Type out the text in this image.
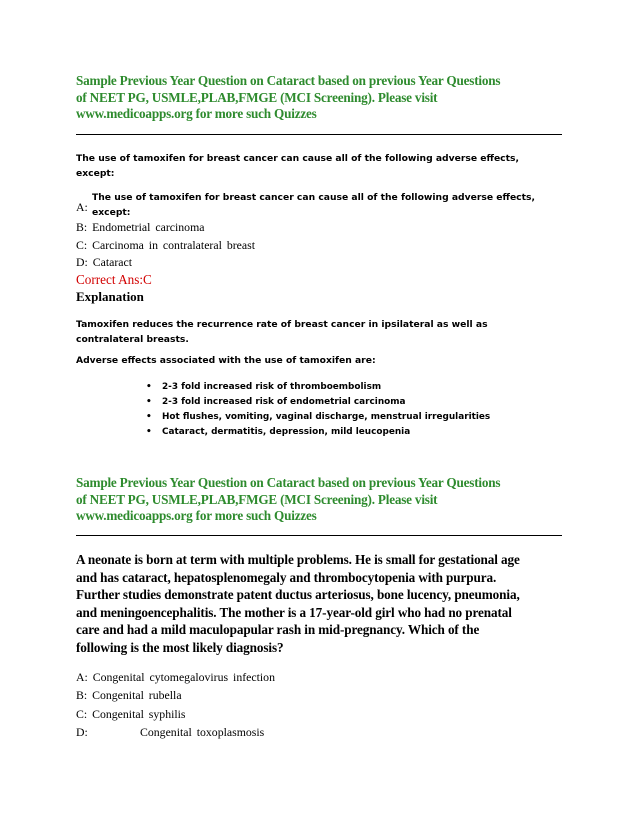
Sample Previous Year Question on Cataract based on previous Year Questions
of NEET PG, USMLE,PLAB,FMGE (MCI Screening). Please visit
www.medicoapps.org for more such Quizzes
The use of tamoxifen for breast cancer can cause all of the following adverse effects,
except:
A:
The use of tamoxifen for breast cancer can cause all of the following adverse effects,
except:
B: Endometrial carcinoma
C: Carcinoma in contralateral breast
D: Cataract
Correct Ans:C
Explanation
Tamoxifen reduces the recurrence rate of breast cancer in ipsilateral as well as
contralateral breasts.
Adverse effects associated with the use of tamoxifen are:
• 2-3 fold increased risk of thromboembolism
• 2-3 fold increased risk of endometrial carcinoma
• Hot flushes, vomiting, vaginal discharge, menstrual irregularities
• Cataract, dermatitis, depression, mild leucopenia
Sample Previous Year Question on Cataract based on previous Year Questions
of NEET PG, USMLE,PLAB,FMGE (MCI Screening). Please visit
www.medicoapps.org for more such Quizzes
A neonate is born at term with multiple problems. He is small for gestational age
and has cataract, hepatosplenomegaly and thrombocytopenia with purpura.
Further studies demonstrate patent ductus arteriosus, bone lucency, pneumonia,
and meningoencephalitis. The mother is a 17-year-old girl who had no prenatal
care and had a mild maculopapular rash in mid-pregnancy. Which of the
following is the most likely diagnosis?
A: Congenital cytomegalovirus infection
B: Congenital rubella
C: Congenital syphilis
D:	Congenital toxoplasmosis
